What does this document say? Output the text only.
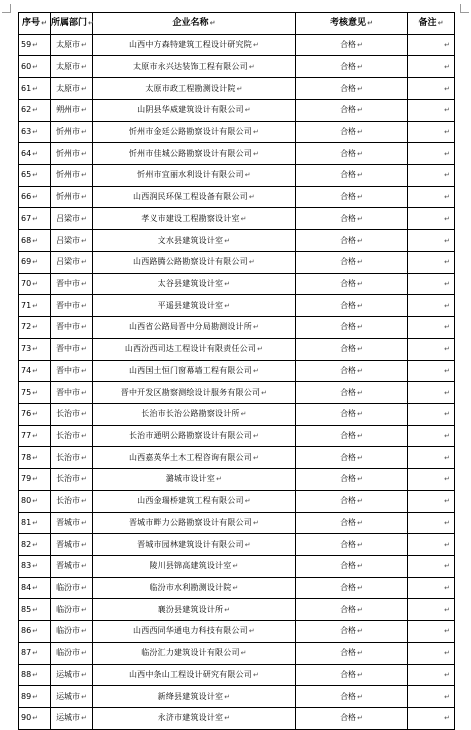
序号↵	所属部门↵	企业名称↵	考核意见↵	备注↵
59↵	太原市↵	山西中方森特建筑工程设计研究院↵	合格↵	↵
60↵	太原市↵	太原市永兴达装饰工程有限公司↵	合格↵	↵
61↵	太原市↵	太原市政工程勘测设计院↵	合格↵	↵
62↵	朔州市↵	山阴县华威建筑设计有限公司↵	合格↵	↵
63↵	忻州市↵	忻州市金廷公路勘察设计有限公司↵	合格↵	↵
64↵	忻州市↵	忻州市佳城公路勘察设计有限公司↵	合格↵	↵
65↵	忻州市↵	忻州市宜丽水利设计有限公司↵	合格↵	↵
66↵	忻州市↵	山西润民环保工程设备有限公司↵	合格↵	↵
67↵	吕梁市↵	孝义市建设工程勘察设计室↵	合格↵	↵
68↵	吕梁市↵	文水县建筑设计室↵	合格↵	↵
69↵	吕梁市↵	山西路腾公路勘察设计有限公司↵	合格↵	↵
70↵	晋中市↵	太谷县建筑设计室↵	合格↵	↵
71↵	晋中市↵	平遥县建筑设计室↵	合格↵	↵
72↵	晋中市↵	山西省公路局晋中分局勘测设计所↵	合格↵	↵
73↵	晋中市↵	山西汾西司达工程设计有限责任公司↵	合格↵	↵
74↵	晋中市↵	山西国土恒门窗幕墙工程有限公司↵	合格↵	↵
75↵	晋中市↵	晋中开发区勘察测绘设计服务有限公司↵	合格↵	↵
76↵	长治市↵	长治市长治公路勘察设计所↵	合格↵	↵
77↵	长治市↵	长治市通明公路勘察设计有限公司↵	合格↵	↵
78↵	长治市↵	山西嘉英华土木工程咨询有限公司↵	合格↵	↵
79↵	长治市↵	潞城市设计室↵	合格↵	↵
80↵	长治市↵	山西金瑞桥建筑工程有限公司↵	合格↵	↵
81↵	晋城市↵	晋城市畔力公路勘察设计有限公司↵	合格↵	↵
82↵	晋城市↵	晋城市园林建筑设计有限公司↵	合格↵	↵
83↵	晋城市↵	陵川县锦高建筑设计室↵	合格↵	↵
84↵	临汾市↵	临汾市水利勘测设计院↵	合格↵	↵
85↵	临汾市↵	襄汾县建筑设计所↵	合格↵	↵
86↵	临汾市↵	山西西同华通电力科技有限公司↵	合格↵	↵
87↵	临汾市↵	临汾汇力建筑设计有限公司↵	合格↵	↵
88↵	运城市↵	山西中条山工程设计研究有限公司↵	合格↵	↵
89↵	运城市↵	新绛县建筑设计室↵	合格↵	↵
90↵	运城市↵	永济市建筑设计室↵	合格↵	↵
